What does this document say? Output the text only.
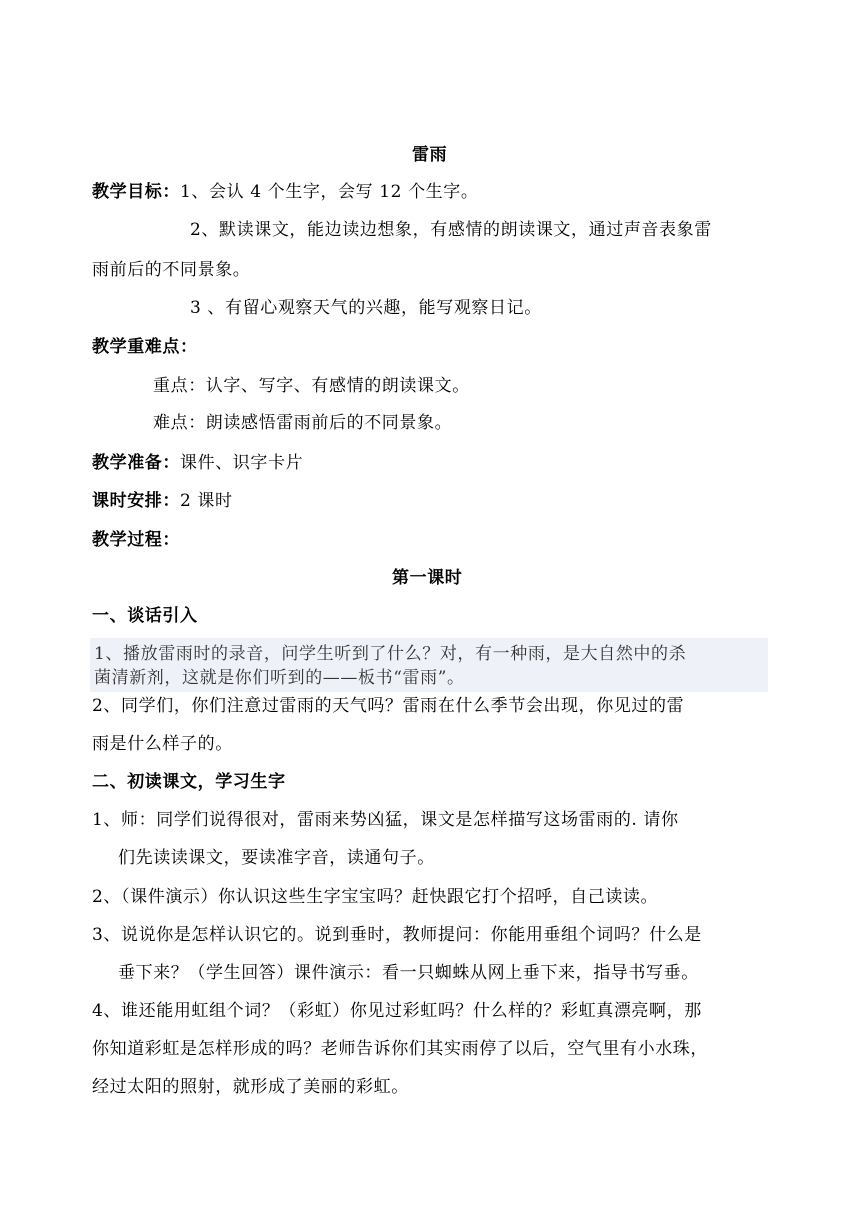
雷雨
教学目标：1、会认 4 个生字，会写 12 个生字。
2、默读课文，能边读边想象，有感情的朗读课文，通过声音表象雷
雨前后的不同景象。
3 、有留心观察天气的兴趣，能写观察日记。
教学重难点：
重点：认字、写字、有感情的朗读课文。
难点：朗读感悟雷雨前后的不同景象。
教学准备：课件、识字卡片
课时安排：2 课时
教学过程：
第一课时
一、谈话引入
1、播放雷雨时的录音，问学生听到了什么？对，有一种雨，是大自然中的杀
菌清新剂，这就是你们听到的——板书“雷雨”。
2、同学们，你们注意过雷雨的天气吗？雷雨在什么季节会出现，你见过的雷
雨是什么样子的。
二、初读课文，学习生字
1、师：同学们说得很对，雷雨来势凶猛，课文是怎样描写这场雷雨的. 请你
们先读读课文，要读准字音，读通句子。
2、（课件演示）你认识这些生字宝宝吗？赶快跟它打个招呼，自己读读。
3、说说你是怎样认识它的。说到垂时，教师提问：你能用垂组个词吗？什么是
垂下来？（学生回答）课件演示：看一只蜘蛛从网上垂下来，指导书写垂。
4、谁还能用虹组个词？（彩虹）你见过彩虹吗？什么样的？彩虹真漂亮啊，那
你知道彩虹是怎样形成的吗？老师告诉你们其实雨停了以后，空气里有小水珠，
经过太阳的照射，就形成了美丽的彩虹。
